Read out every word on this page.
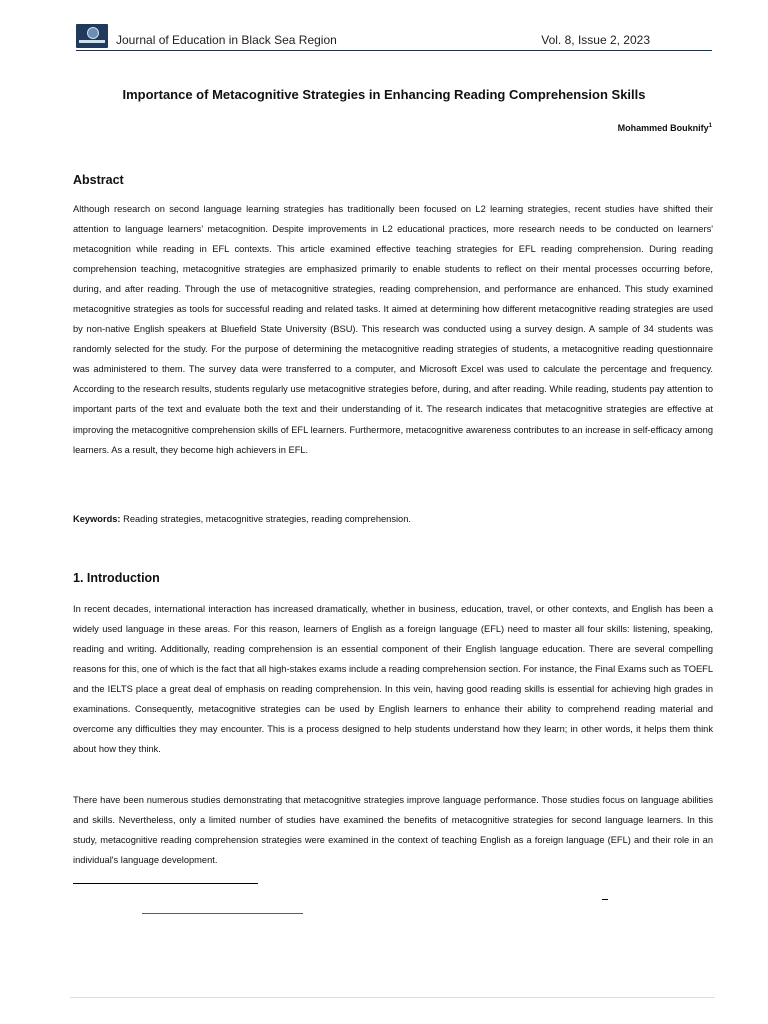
Journal of Education in Black Sea Region	Vol. 8, Issue 2, 2023
Importance of Metacognitive Strategies in Enhancing Reading Comprehension Skills
Mohammed Bouknify$^1$
Abstract

Although research on second language learning strategies has traditionally been focused on L2 learning strategies, recent studies have shifted their attention to language learners' metacognition. Despite improvements in L2 educational practices, more research needs to be conducted on learners' metacognition while reading in EFL contexts. This article examined effective teaching strategies for EFL reading comprehension. During reading comprehension teaching, metacognitive strategies are emphasized primarily to enable students to reflect on their mental processes occurring before, during, and after reading. Through the use of metacognitive strategies, reading comprehension, and performance are enhanced. This study examined metacognitive strategies as tools for successful reading and related tasks. It aimed at determining how different metacognitive reading strategies are used by non-native English speakers at Bluefield State University (BSU). This research was conducted using a survey design. A sample of 34 students was randomly selected for the study. For the purpose of determining the metacognitive reading strategies of students, a metacognitive reading questionnaire was administered to them. The survey data were transferred to a computer, and Microsoft Excel was used to calculate the percentage and frequency. According to the research results, students regularly use metacognitive strategies before, during, and after reading. While reading, students pay attention to important parts of the text and evaluate both the text and their understanding of it. The research indicates that metacognitive strategies are effective at improving the metacognitive comprehension skills of EFL learners. Furthermore, metacognitive awareness contributes to an increase in self-efficacy among learners. As a result, they become high achievers in EFL.

Keywords: Reading strategies, metacognitive strategies, reading comprehension.
1. Introduction

In recent decades, international interaction has increased dramatically, whether in business, education, travel, or other contexts, and English has been a widely used language in these areas. For this reason, learners of English as a foreign language (EFL) need to master all four skills: listening, speaking, reading and writing. Additionally, reading comprehension is an essential component of their English language education. There are several compelling reasons for this, one of which is the fact that all high-stakes exams include a reading comprehension section. For instance, the Final Exams such as TOEFL and the IELTS place a great deal of emphasis on reading comprehension. In this vein, having good reading skills is essential for achieving high grades in examinations. Consequently, metacognitive strategies can be used by English learners to enhance their ability to comprehend reading material and overcome any difficulties they may encounter. This is a process designed to help students understand how they learn; in other words, it helps them think about how they think.

There have been numerous studies demonstrating that metacognitive strategies improve language performance. Those studies focus on language abilities and skills. Nevertheless, only a limited number of studies have examined the benefits of metacognitive strategies for second language learners. In this study, metacognitive reading comprehension strategies were examined in the context of teaching English as a foreign language (EFL) and their role in an individual's language development.
